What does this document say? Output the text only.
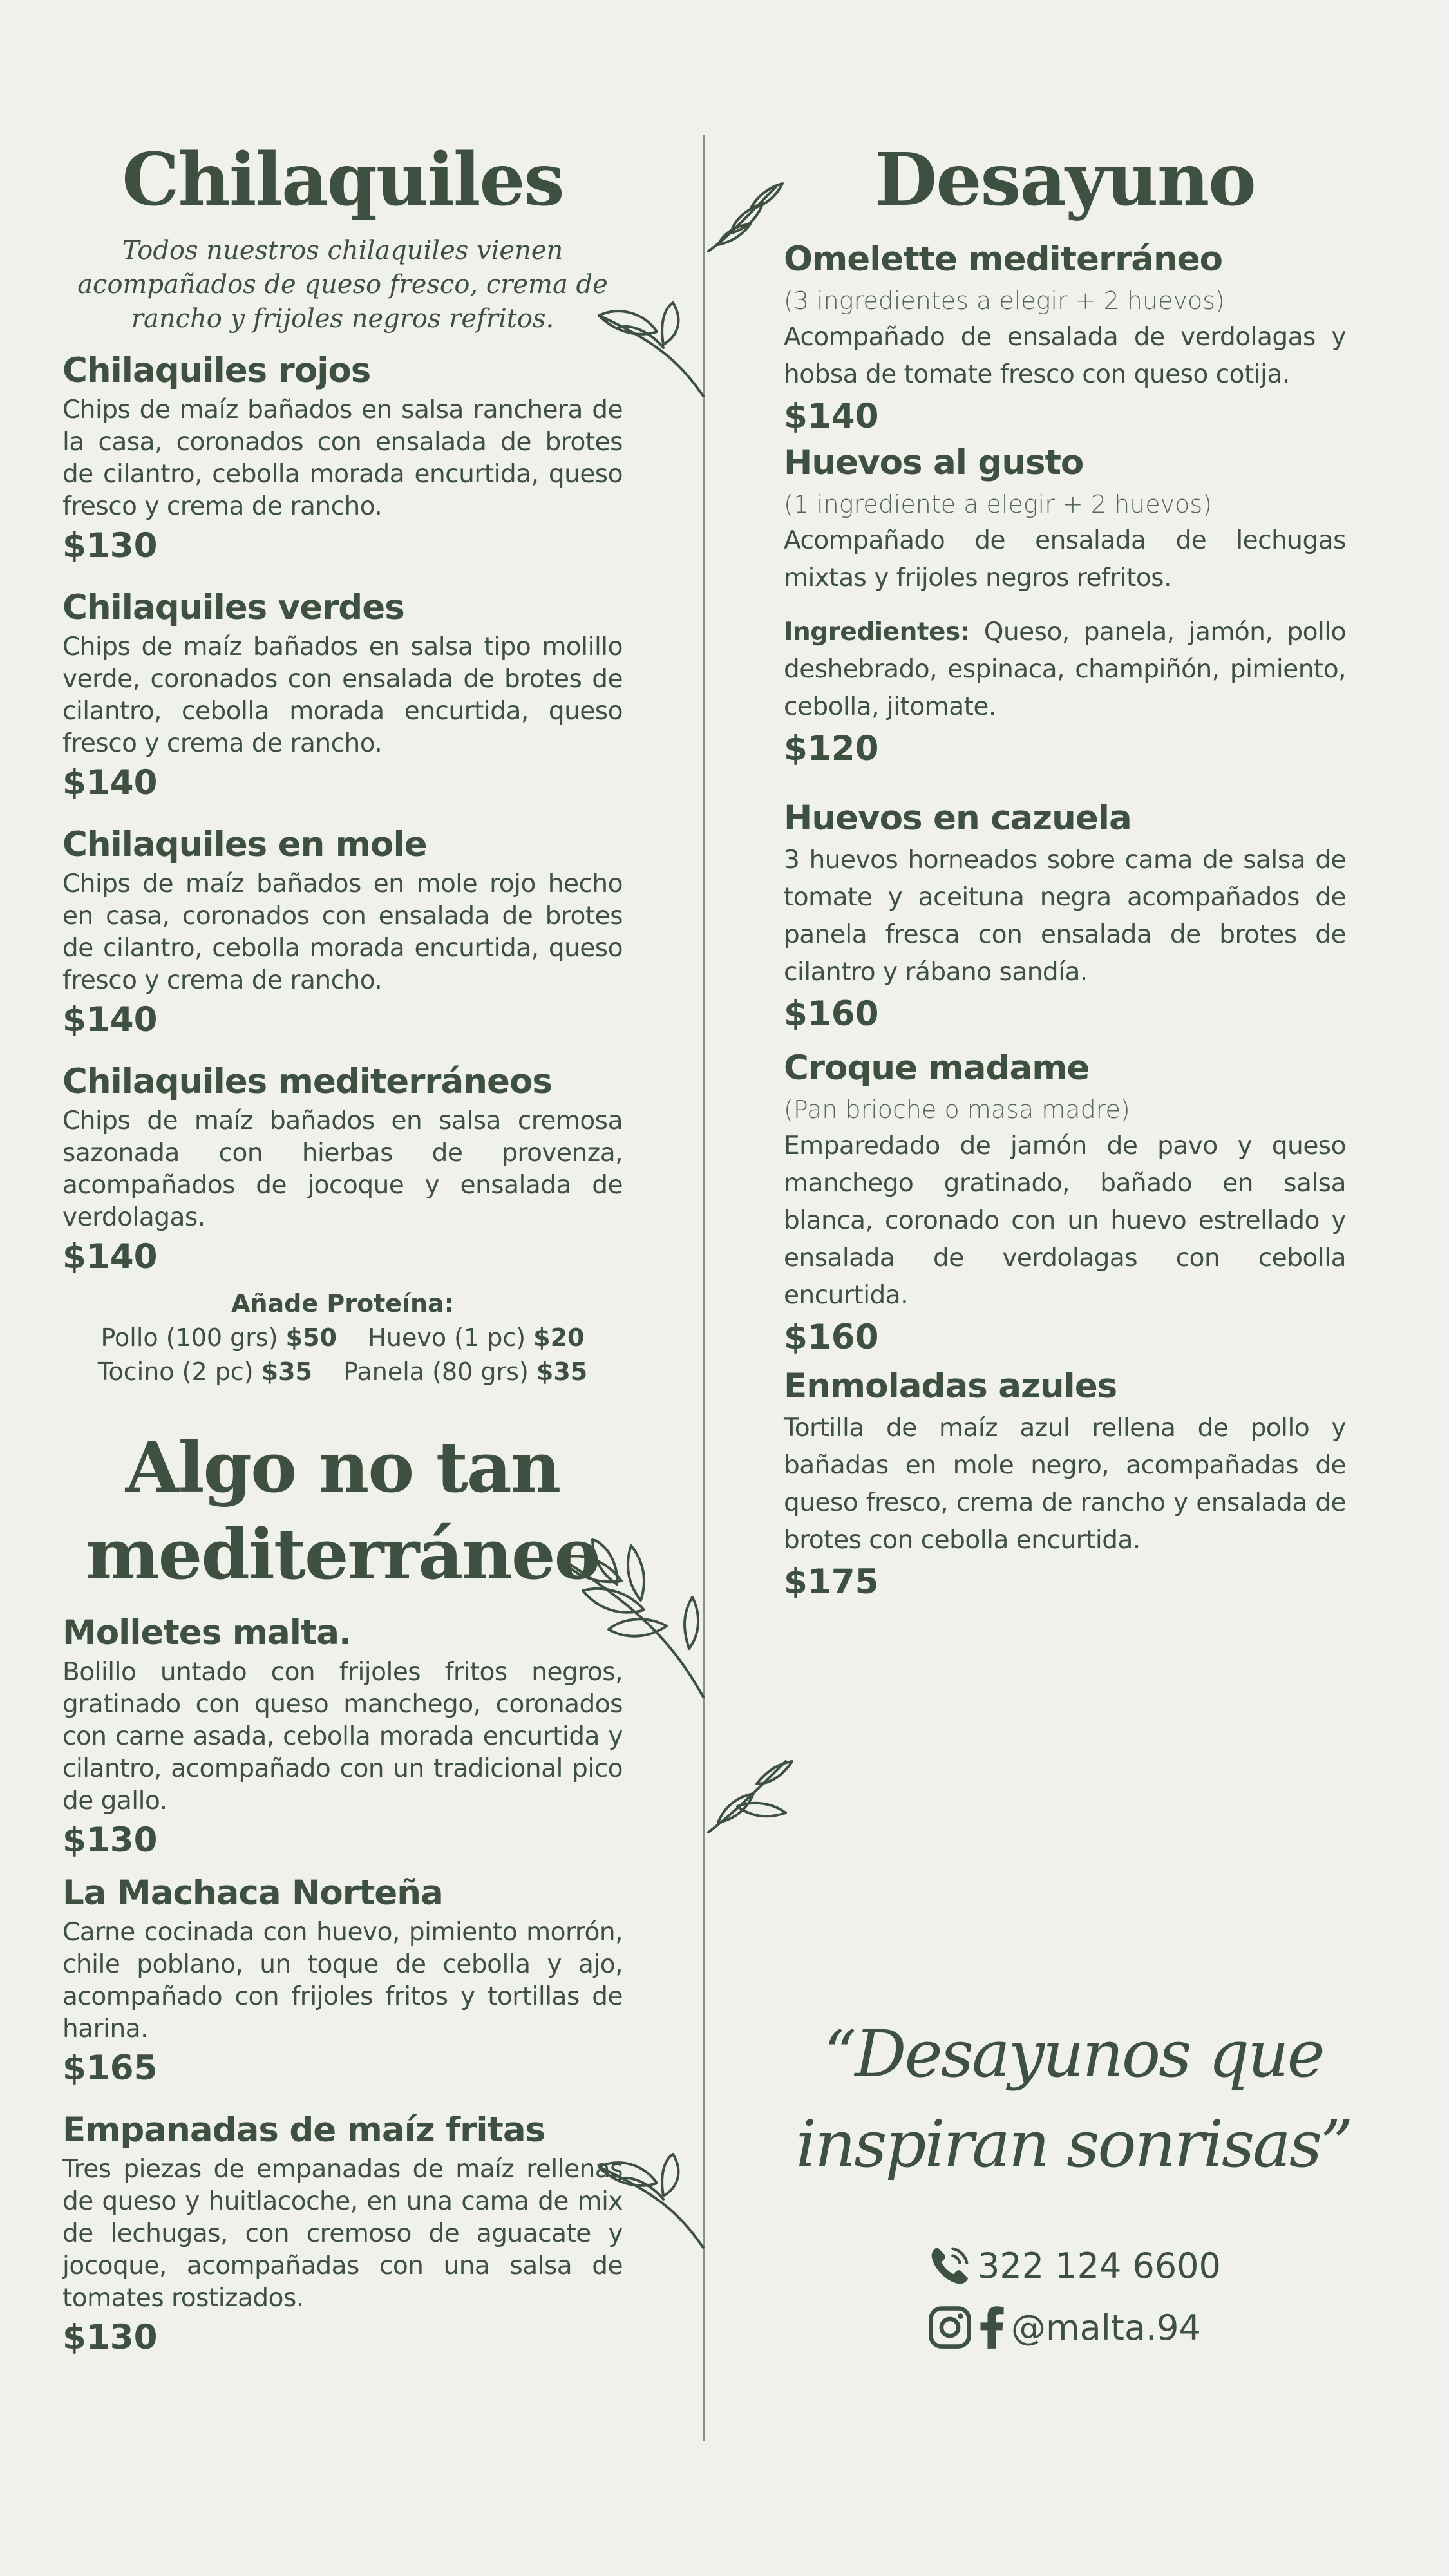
Chilaquiles

Todos nuestros chilaquiles vienen acompañados de queso fresco, crema de rancho y frijoles negros refritos.

Chilaquiles rojos

Chips de maíz bañados en salsa ranchera de la casa, coronados con ensalada de brotes de cilantro, cebolla morada encurtida, queso fresco y crema de rancho.

$130

Chilaquiles verdes

Chips de maíz bañados en salsa tipo molillo verde, coronados con ensalada de brotes de cilantro, cebolla morada encurtida, queso fresco y crema de rancho.

$140

Chilaquiles en mole

Chips de maíz bañados en mole rojo hecho en casa, coronados con ensalada de brotes de cilantro, cebolla morada encurtida, queso fresco y crema de rancho.

$140

Chilaquiles mediterráneos

Chips de maíz bañados en salsa cremosa sazonada con hierbas de provenza, acompañados de jocoque y ensalada de verdolagas.

$140

Añade Proteína:
Pollo (100 grs) $50 Huevo (1 pc) $20
Tocino (2 pc) $35 Panela (80 grs) $35
Algo no tan
mediterráneo

Molletes malta.

Bolillo untado con frijoles fritos negros, gratinado con queso manchego, coronados con carne asada, cebolla morada encurtida y cilantro, acompañado con un tradicional pico de gallo.

$130

La Machaca Norteña

Carne cocinada con huevo, pimiento morrón, chile poblano, un toque de cebolla y ajo, acompañado con frijoles fritos y tortillas de harina.

$165

Empanadas de maíz fritas

Tres piezas de empanadas de maíz rellenas de queso y huitlacoche, en una cama de mix de lechugas, con cremoso de aguacate y jocoque, acompañadas con una salsa de tomates rostizados.

$130

Desayuno

Omelette mediterráneo

(3 ingredientes a elegir + 2 huevos)

Acompañado de ensalada de verdolagas y hobsa de tomate fresco con queso cotija.

$140

Huevos al gusto

(1 ingrediente a elegir + 2 huevos)

Acompañado de ensalada de lechugas mixtas y frijoles negros refritos.

Ingredientes: Queso, panela, jamón, pollo deshebrado, espinaca, champiñón, pimiento, cebolla, jitomate.

$120

Huevos en cazuela

3 huevos horneados sobre cama de salsa de tomate y aceituna negra acompañados de panela fresca con ensalada de brotes de cilantro y rábano sandía.

$160

Croque madame

(Pan brioche o masa madre)

Emparedado de jamón de pavo y queso manchego gratinado, bañado en salsa blanca, coronado con un huevo estrellado y ensalada de verdolagas con cebolla encurtida.

$160

Enmoladas azules

Tortilla de maíz azul rellena de pollo y bañadas en mole negro, acompañadas de queso fresco, crema de rancho y ensalada de brotes con cebolla encurtida.

$175

“Desayunos que
inspiran sonrisas”
322 124 6600
@malta.94
